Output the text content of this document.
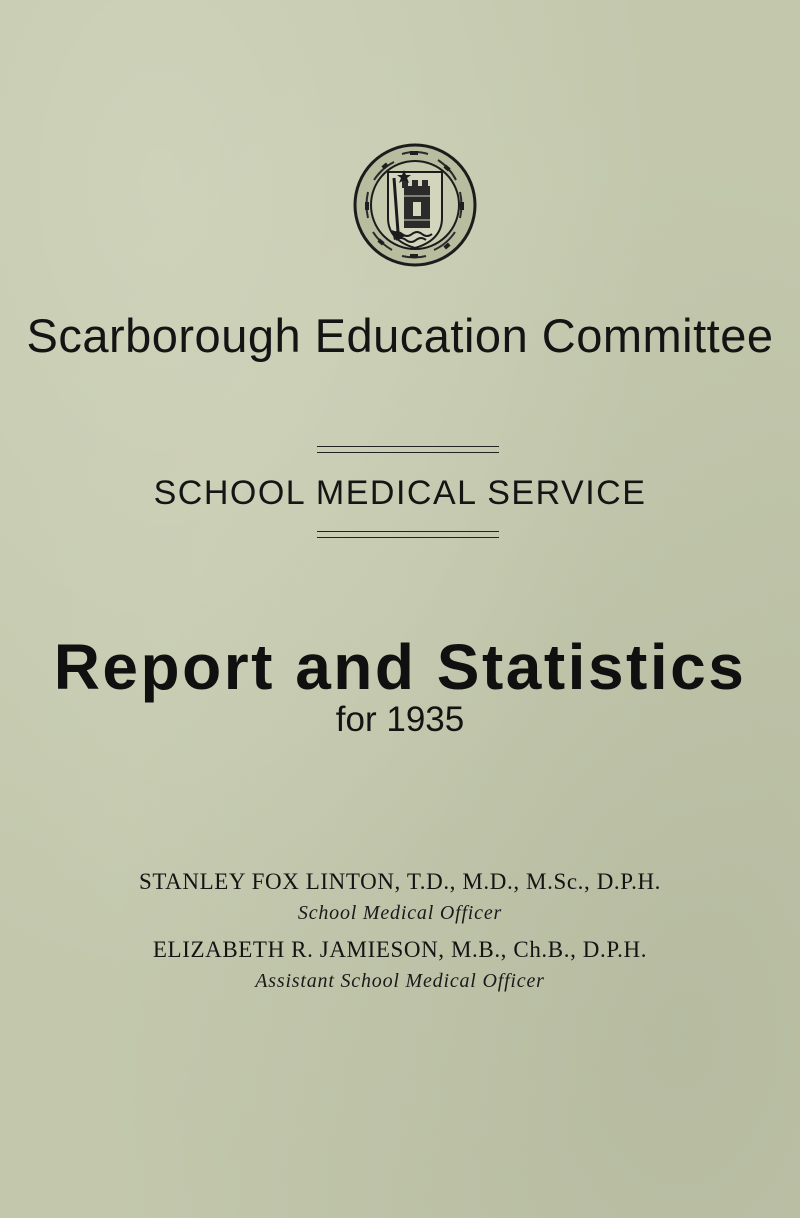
Scarborough Education Committee
SCHOOL MEDICAL SERVICE
Report and Statistics
for 1935
STANLEY FOX LINTON, T.D., M.D., M.Sc., D.P.H.
School Medical Officer
ELIZABETH R. JAMIESON, M.B., Ch.B., D.P.H.
Assistant School Medical Officer
